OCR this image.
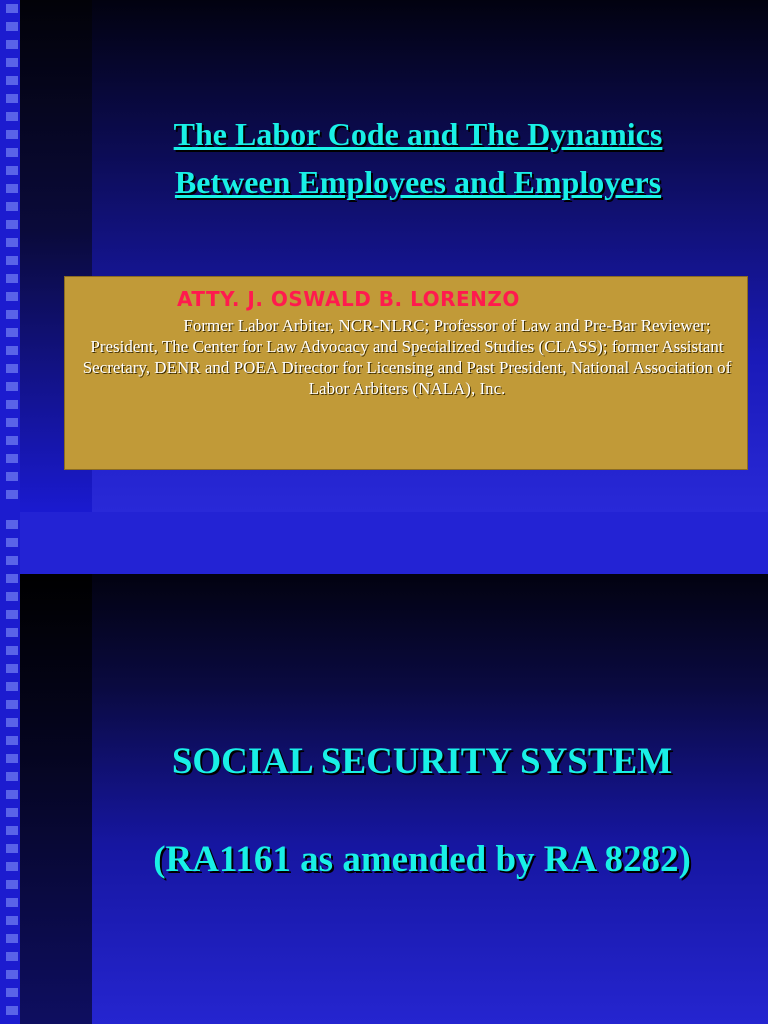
The Labor Code and The Dynamics
Between Employees and Employers
ATTY. J. OSWALD B. LORENZO
Former Labor Arbiter, NCR-NLRC; Professor of Law and Pre-Bar Reviewer; President, The Center for Law Advocacy and Specialized Studies (CLASS); former Assistant Secretary, DENR and POEA Director for Licensing and Past President, National Association of Labor Arbiters (NALA), Inc.
SOCIAL SECURITY SYSTEM
(RA1161 as amended by RA 8282)
